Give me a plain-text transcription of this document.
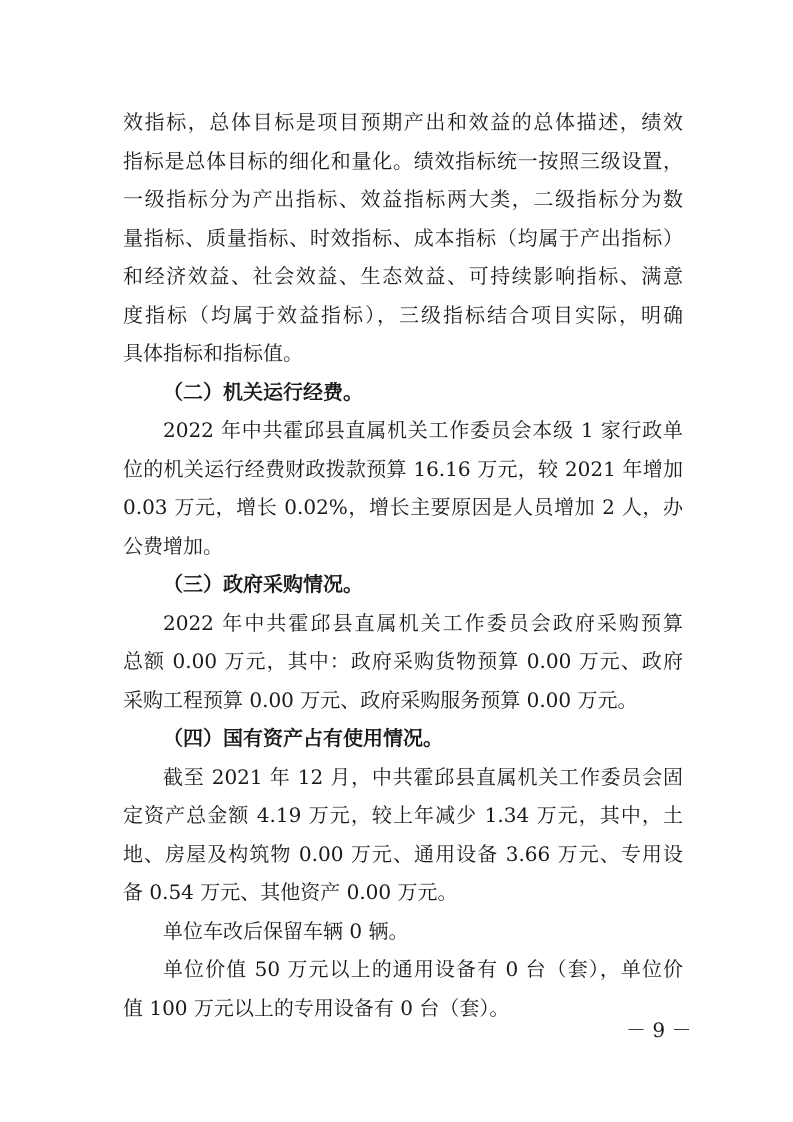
效指标，总体目标是项目预期产出和效益的总体描述，绩效
指标是总体目标的细化和量化。绩效指标统一按照三级设置，
一级指标分为产出指标、效益指标两大类，二级指标分为数
量指标、质量指标、时效指标、成本指标（均属于产出指标）
和经济效益、社会效益、生态效益、可持续影响指标、满意
度指标（均属于效益指标），三级指标结合项目实际，明确
具体指标和指标值。
（二）机关运行经费。
2022 年中共霍邱县直属机关工作委员会本级 1 家行政单
位的机关运行经费财政拨款预算 16.16 万元，较 2021 年增加
0.03 万元，增长 0.02%，增长主要原因是人员增加 2 人，办
公费增加。
（三）政府采购情况。
2022 年中共霍邱县直属机关工作委员会政府采购预算
总额 0.00 万元，其中：政府采购货物预算 0.00 万元、政府
采购工程预算 0.00 万元、政府采购服务预算 0.00 万元。
（四）国有资产占有使用情况。
截至 2021 年 12 月，中共霍邱县直属机关工作委员会固
定资产总金额 4.19 万元，较上年减少 1.34 万元，其中，土
地、房屋及构筑物 0.00 万元、通用设备 3.66 万元、专用设
备 0.54 万元、其他资产 0.00 万元。
单位车改后保留车辆 0 辆。
单位价值 50 万元以上的通用设备有 0 台（套），单位价
值 100 万元以上的专用设备有 0 台（套）。
－ 9 －
